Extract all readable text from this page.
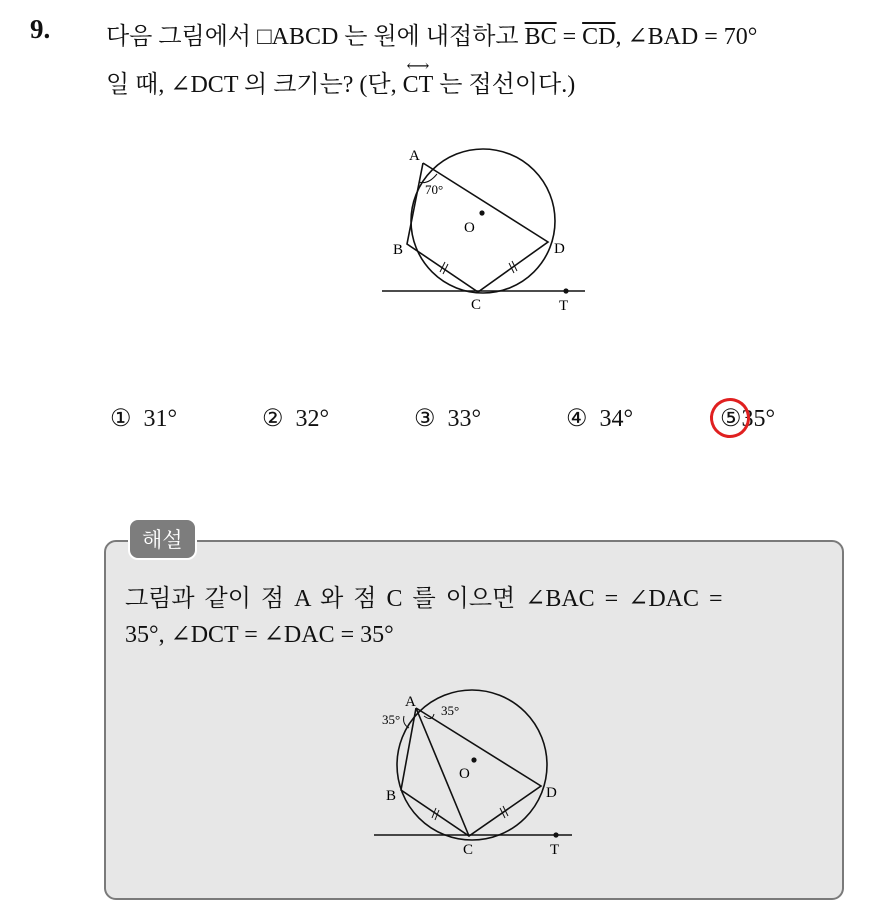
9. 다음 그림에서 □ABCD 는 원에 내접하고 $\overline{BC} = \overline{CD}$, ∠BAD = 70°
일 때, ∠DCT 의 크기는? (단,
⟷
CT 는 접선이다.)
A
B
C
D
O
T
70°
① 31°	② 32°	③ 33°	④ 34°	⑤35°
해설
그림과 같이 점 A 와 점 C 를 이으면 ∠BAC = ∠DAC =
35°, ∠DCT = ∠DAC = 35°
A
B
C
D
O
T
35°
35°
